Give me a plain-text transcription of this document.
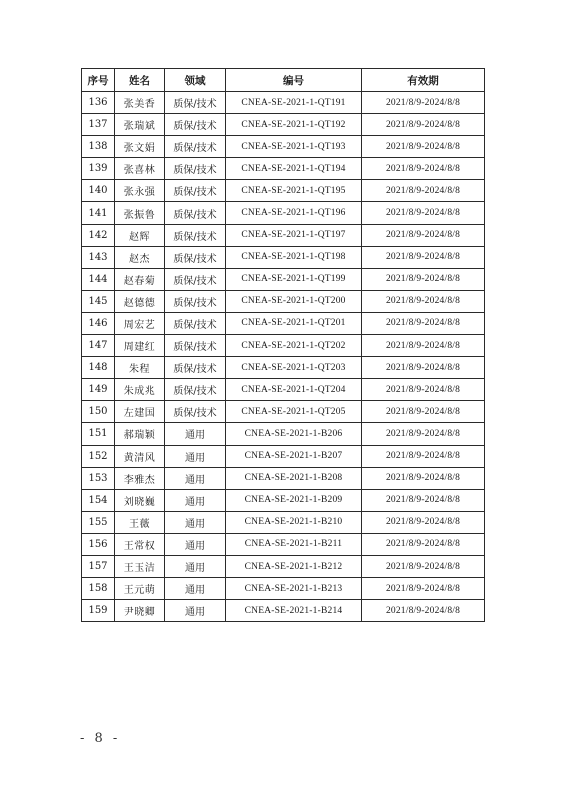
序号	姓名	领域	编号	有效期
136	张美香	质保/技术	CNEA-SE-2021-1-QT191	2021/8/9-2024/8/8
137	张瑞斌	质保/技术	CNEA-SE-2021-1-QT192	2021/8/9-2024/8/8
138	张文娟	质保/技术	CNEA-SE-2021-1-QT193	2021/8/9-2024/8/8
139	张喜林	质保/技术	CNEA-SE-2021-1-QT194	2021/8/9-2024/8/8
140	张永强	质保/技术	CNEA-SE-2021-1-QT195	2021/8/9-2024/8/8
141	张振鲁	质保/技术	CNEA-SE-2021-1-QT196	2021/8/9-2024/8/8
142	赵辉	质保/技术	CNEA-SE-2021-1-QT197	2021/8/9-2024/8/8
143	赵杰	质保/技术	CNEA-SE-2021-1-QT198	2021/8/9-2024/8/8
144	赵春菊	质保/技术	CNEA-SE-2021-1-QT199	2021/8/9-2024/8/8
145	赵德德	质保/技术	CNEA-SE-2021-1-QT200	2021/8/9-2024/8/8
146	周宏艺	质保/技术	CNEA-SE-2021-1-QT201	2021/8/9-2024/8/8
147	周建红	质保/技术	CNEA-SE-2021-1-QT202	2021/8/9-2024/8/8
148	朱程	质保/技术	CNEA-SE-2021-1-QT203	2021/8/9-2024/8/8
149	朱成兆	质保/技术	CNEA-SE-2021-1-QT204	2021/8/9-2024/8/8
150	左建国	质保/技术	CNEA-SE-2021-1-QT205	2021/8/9-2024/8/8
151	郝瑞颖	通用	CNEA-SE-2021-1-B206	2021/8/9-2024/8/8
152	黄清风	通用	CNEA-SE-2021-1-B207	2021/8/9-2024/8/8
153	李雅杰	通用	CNEA-SE-2021-1-B208	2021/8/9-2024/8/8
154	刘晓巍	通用	CNEA-SE-2021-1-B209	2021/8/9-2024/8/8
155	王薇	通用	CNEA-SE-2021-1-B210	2021/8/9-2024/8/8
156	王常权	通用	CNEA-SE-2021-1-B211	2021/8/9-2024/8/8
157	王玉洁	通用	CNEA-SE-2021-1-B212	2021/8/9-2024/8/8
158	王元萌	通用	CNEA-SE-2021-1-B213	2021/8/9-2024/8/8
159	尹晓卿	通用	CNEA-SE-2021-1-B214	2021/8/9-2024/8/8
- 8 -
